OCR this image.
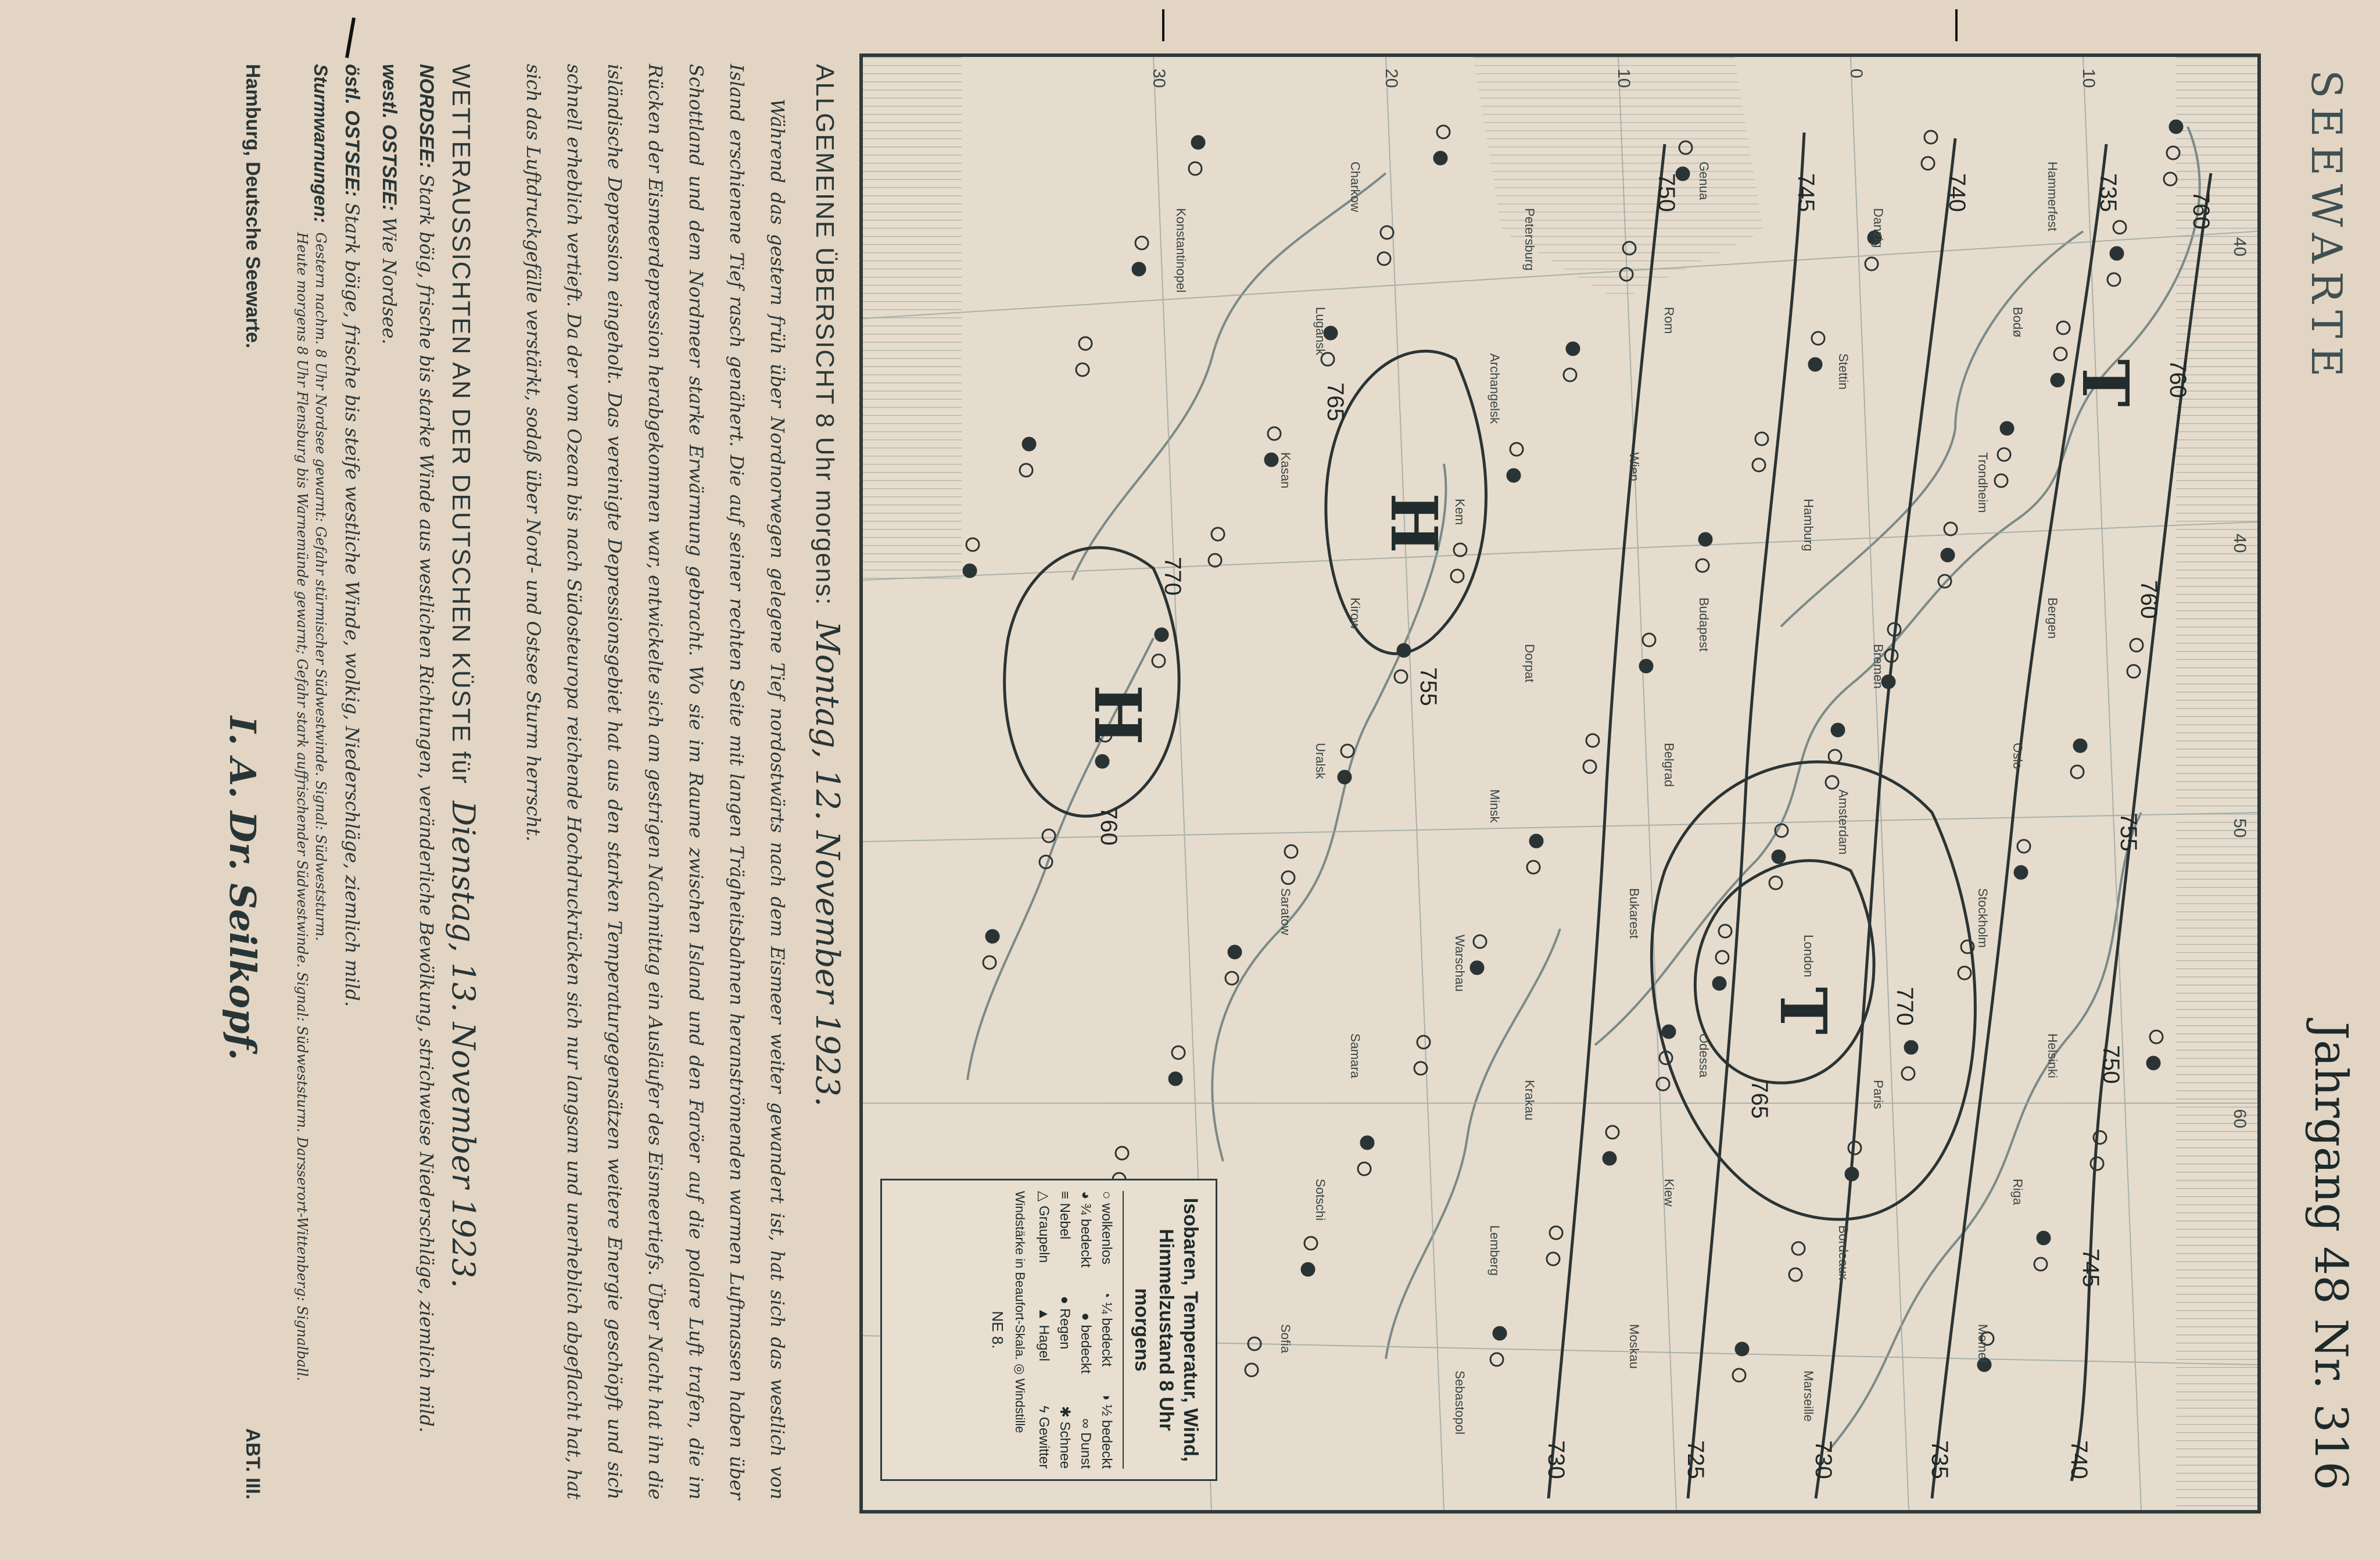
SEEWARTE
Jahrgang 48 Nr. 316
T
T
H
H
760
760
760
755
750
745
740
735
730
725
730
735
740
745
750
755
760
765
770
770
765
10
0
10
20
30
40
40
50
60
Hammerfest
Bodø
Trondheim
Bergen
Oslo
Stockholm
Helsinki
Riga
Memel
Danzig
Stettin
Hamburg
Bremen
Amsterdam
London
Paris
Bordeaux
Marseille
Genua
Rom
Wien
Budapest
Belgrad
Bukarest
Odessa
Kiew
Moskau
Petersburg
Archangelsk
Kem
Dorpat
Minsk
Warschau
Krakau
Lemberg
Sebastopol
Charkow
Lugansk
Kasan
Kirow
Uralsk
Saratow
Samara
Sotschi
Sofia
Konstantinopel
Isobaren, Temperatur, Wind,
Himmelzustand 8 Uhr morgens
○ wolkenlos
◔ ¼ bedeckt
◑ ½ bedeckt
◕ ¾ bedeckt
● bedeckt
∞ Dunst
≡ Nebel
● Regen
✱ Schnee
△ Graupeln
▲ Hagel
ϟ Gewitter
Windstärke in Beaufort-Skala. ◎ Windstille
NE 8.
ALLGEMEINE ÜBERSICHT 8 Uhr morgens: Montag, 12. November 1923.
Während das gestern früh über Nordnorwegen gelegene Tief nordostwärts nach dem Eismeer weiter gewandert ist, hat sich das westlich von Island erschienene Tief rasch genähert. Die auf seiner rechten Seite mit langen Trägheitsbahnen heranströmenden warmen Luftmassen haben über Schottland und dem Nordmeer starke Erwärmung gebracht. Wo sie im Raume zwischen Island und den Faröer auf die polare Luft trafen, die im Rücken der Eismeerdepression herabgekommen war, entwickelte sich am gestrigen Nachmittag ein Ausläufer des Eismeertiefs. Über Nacht hat ihn die isländische Depression eingeholt. Das vereinigte Depressionsgebiet hat aus den starken Temperaturgegensätzen weitere Energie geschöpft und sich schnell erheblich vertieft. Da der vom Ozean bis nach Südosteuropa reichende Hochdruckrücken sich nur langsam und unerheblich abgeflacht hat, hat sich das Luftdruckgefälle verstärkt, sodaß über Nord- und Ostsee Sturm herrscht.
WETTERAUSSICHTEN AN DER DEUTSCHEN KÜSTE für Dienstag, 13. November 1923.
NORDSEE: Stark böig, frische bis starke Winde aus westlichen Richtungen, veränderliche Bewölkung, strichweise Niederschläge, ziemlich mild.
westl. OSTSEE: Wie Nordsee.
östl. OSTSEE: Stark böige, frische bis steife westliche Winde, wolkig, Niederschläge, ziemlich mild.
Sturmwarnungen:
Gestern nachm. 8 Uhr Nordsee gewarnt: Gefahr stürmischer Südwestwinde. Signal: Südweststurm.
Heute morgens 8 Uhr Flensburg bis Warnemünde gewarnt; Gefahr stark auffrischender Südwestwinde. Signal: Südweststurm. Darsserort-Wittenberg: Signalball.
Hamburg, Deutsche Seewarte.
I. A. Dr. Seilkopf.
ABT. III.
